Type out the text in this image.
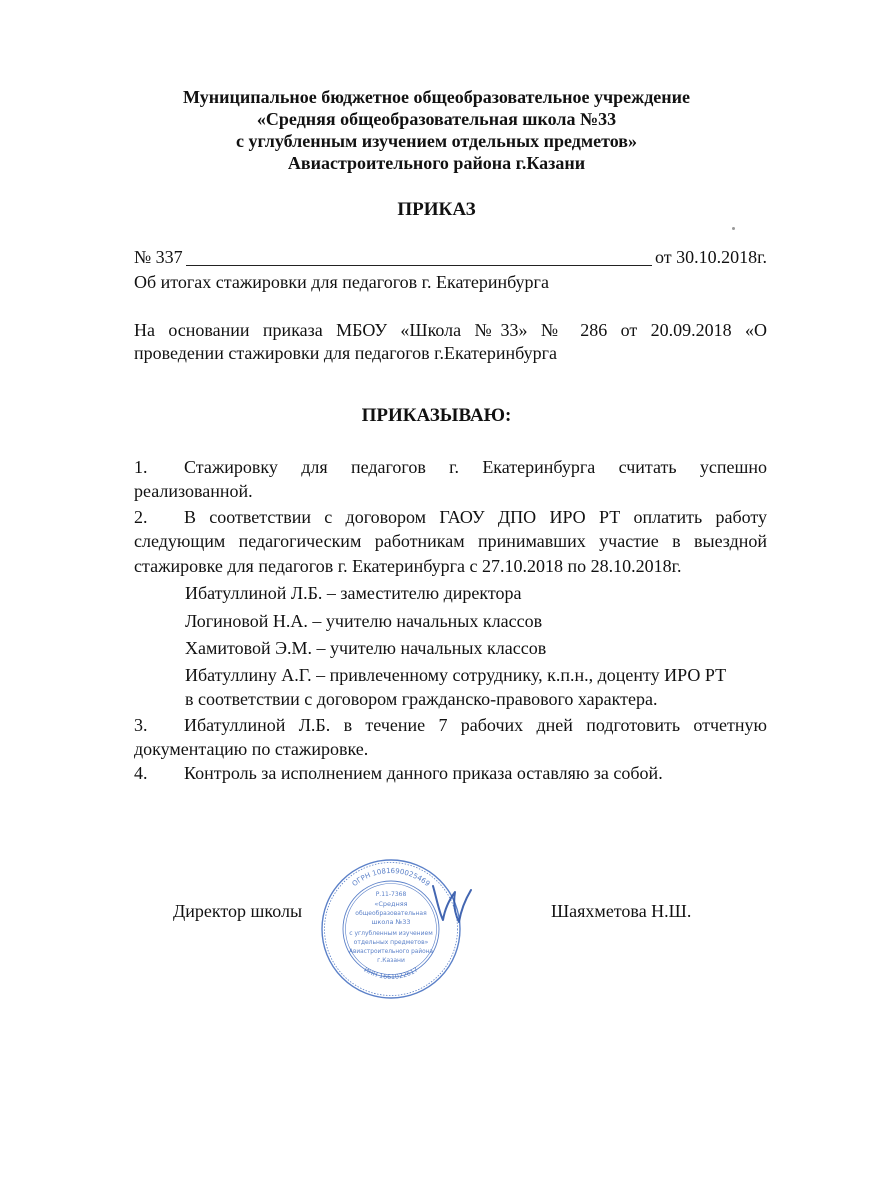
Муниципальное бюджетное общеобразовательное учреждение
«Средняя общеобразовательная школа №33
с углубленным изучением отдельных предметов»
Авиастроительного района г.Казани
ПРИКАЗ
№ 337	от 30.10.2018г.
Об итогах стажировки для педагогов г. Екатеринбурга
На основании приказа МБОУ «Школа №33» № 286 от 20.09.2018 «О
проведении стажировки для педагогов г.Екатеринбурга
ПРИКАЗЫВАЮ:
1.	Стажировку для педагогов г. Екатеринбурга считать успешно
реализованной.
2.	В соответствии с договором ГАОУ ДПО ИРО РТ оплатить работу
следующим педагогическим работникам принимавших участие в выездной
стажировке для педагогов г. Екатеринбурга с 27.10.2018 по 28.10.2018г.
Ибатуллиной Л.Б. – заместителю директора
Логиновой Н.А. – учителю начальных классов
Хамитовой Э.М. – учителю начальных классов
Ибатуллину А.Г. – привлеченному сотруднику, к.п.н., доценту ИРО РТ
в соответствии с договором гражданско-правового характера.
3.	Ибатуллиной Л.Б. в течение 7 рабочих дней подготовить отчетную
документацию по стажировке.
4.	Контроль за исполнением данного приказа оставляю за собой.
Директор школы	Шаяхметова Н.Ш.
ОГРН 1081690025469
ИНН 1661022617
Р.11-7368
«Средняя
общеобразовательная
школа №33
с углубленным изучением
отдельных предметов»
Авиастроительного района
г.Казани
